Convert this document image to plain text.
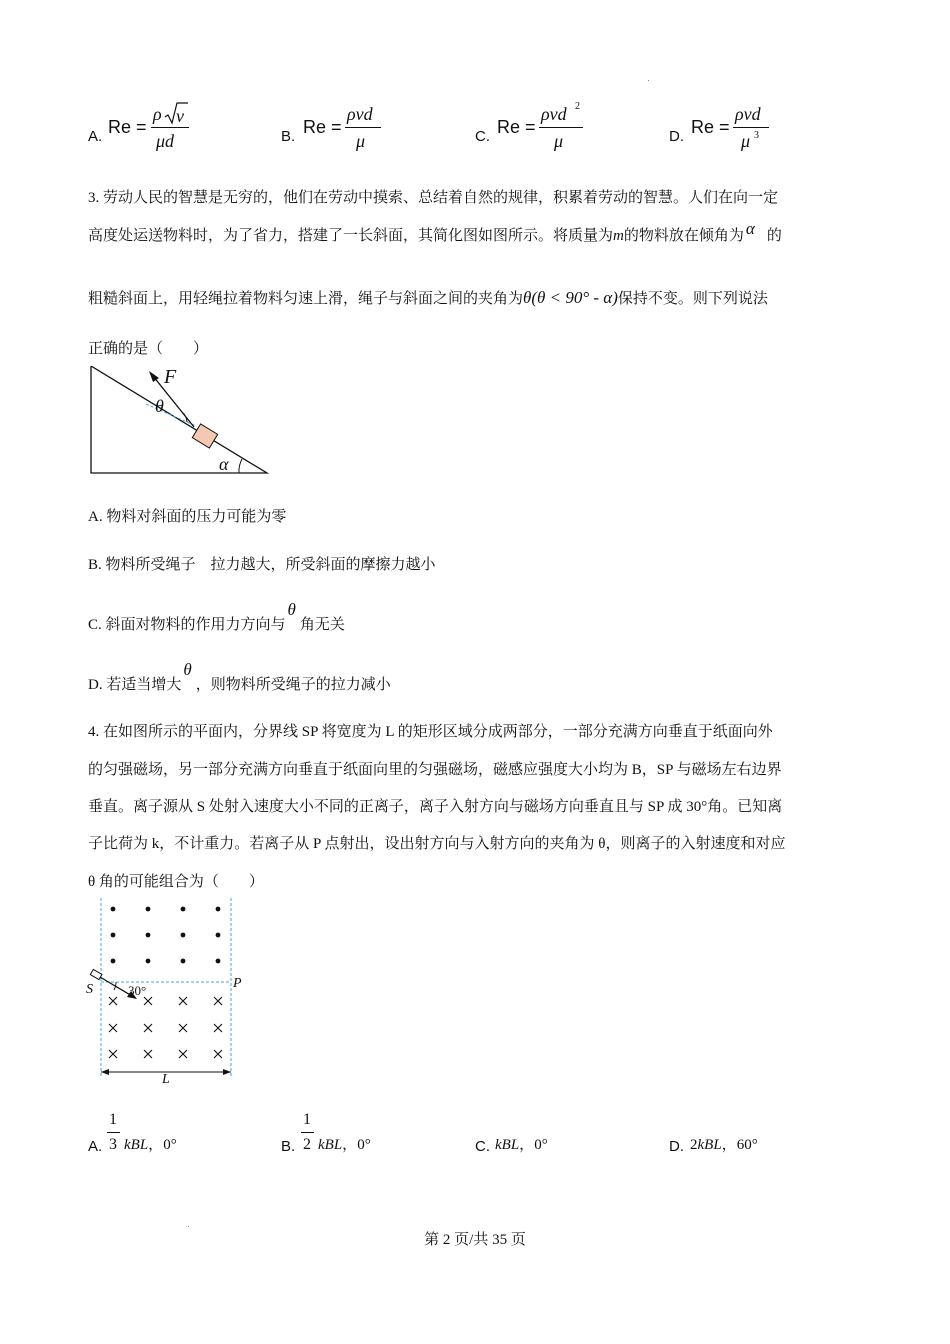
A. Re =
ρ v
μd	B. Re =
ρvd
μ	C. Re =
ρvd 2
μ	D. Re =
ρvd
μ 3
3. 劳动人民的智慧是无穷的，他们在劳动中摸索、总结着自然的规律，积累着劳动的智慧。人们在向一定
高度处运送物料时，为了省力，搭建了一长斜面，其简化图如图所示。将质量为m的物料放在倾角为 α 的
粗糙斜面上，用轻绳拉着物料匀速上滑，绳子与斜面之间的夹角为θ(θ < 90° - α)保持不变。则下列说法
正确的是（　　）
F
θ
α
A. 物料对斜面的压力可能为零
B. 物料所受绳子　拉力越大，所受斜面的摩擦力越小
C. 斜面对物料的作用力方向与θ角无关
D. 若适当增大θ，则物料所受绳子的拉力减小
4. 在如图所示的平面内，分界线 SP 将宽度为 L 的矩形区域分成两部分，一部分充满方向垂直于纸面向外
的匀强磁场，另一部分充满方向垂直于纸面向里的匀强磁场，磁感应强度大小均为 B，SP 与磁场左右边界
垂直。离子源从 S 处射入速度大小不同的正离子，离子入射方向与磁场方向垂直且与 SP 成 30°角。已知离
子比荷为 k，不计重力。若离子从 P 点射出，设出射方向与入射方向的夹角为 θ，则离子的入射速度和对应
θ 角的可能组合为（　　）
S	P
30°
L
A.
1
3 kBL，0°	B.
1
2 kBL，0°	C. kBL，0°	D. 2kBL，60°
第 2 页/共 35 页
